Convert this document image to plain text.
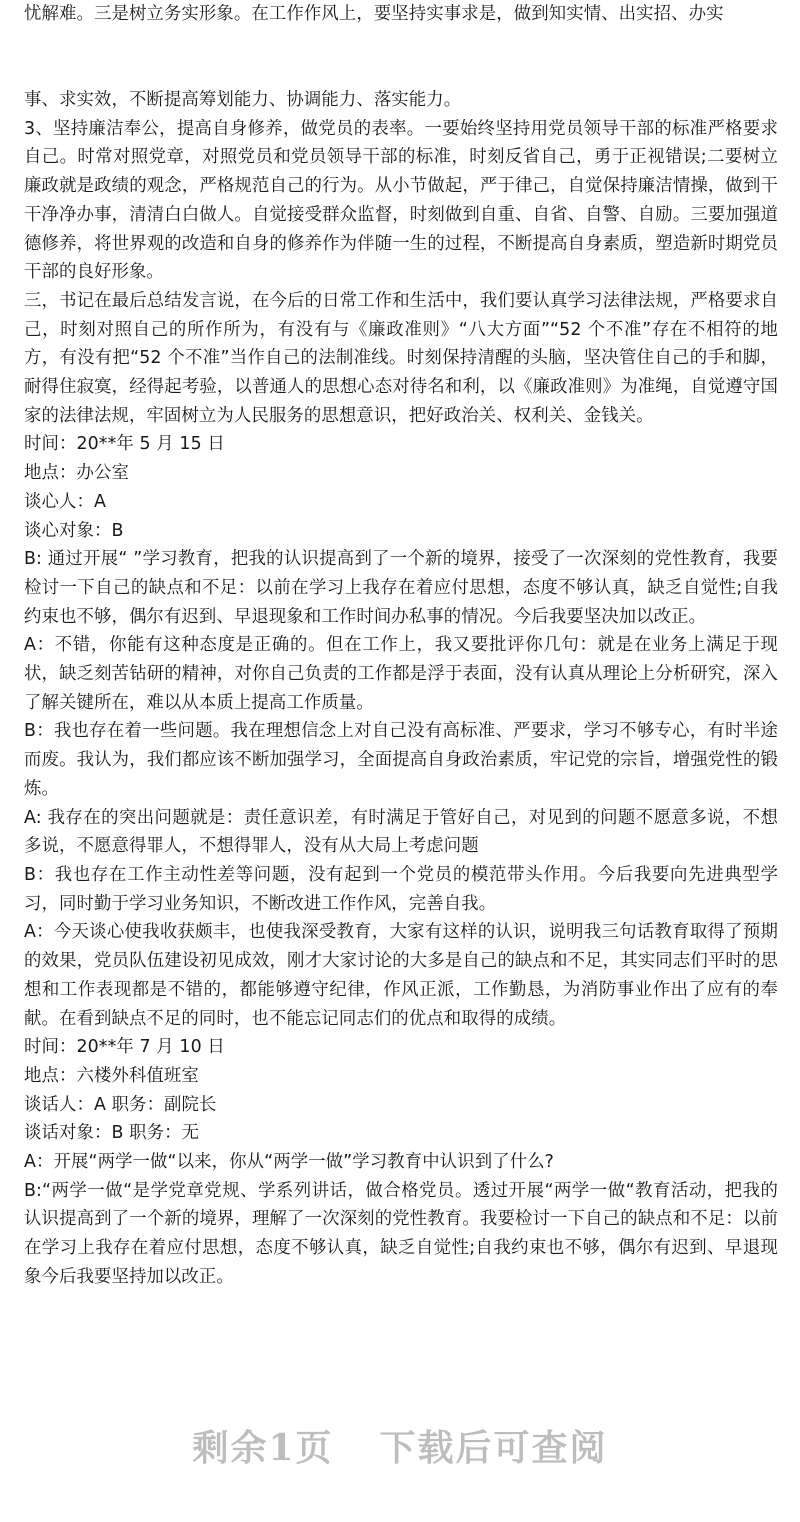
忧解难。三是树立务实形象。在工作作风上，要坚持实事求是，做到知实情、出实招、办实

事、求实效，不断提高筹划能力、协调能力、落实能力。

3、坚持廉洁奉公，提高自身修养，做党员的表率。一要始终坚持用党员领导干部的标准严格要求自己。时常对照党章，对照党员和党员领导干部的标准，时刻反省自己，勇于正视错误;二要树立廉政就是政绩的观念，严格规范自己的行为。从小节做起，严于律己，自觉保持廉洁情操，做到干干净净办事，清清白白做人。自觉接受群众监督，时刻做到自重、自省、自警、自励。三要加强道德修养，将世界观的改造和自身的修养作为伴随一生的过程，不断提高自身素质，塑造新时期党员干部的良好形象。

三，书记在最后总结发言说，在今后的日常工作和生活中，我们要认真学习法律法规，严格要求自己，时刻对照自己的所作所为，有没有与《廉政准则》“八大方面”“52 个不准”存在不相符的地方，有没有把“52 个不准”当作自己的法制准线。时刻保持清醒的头脑，坚决管住自己的手和脚，耐得住寂寞，经得起考验，以普通人的思想心态对待名和利，以《廉政准则》为准绳，自觉遵守国家的法律法规，牢固树立为人民服务的思想意识，把好政治关、权利关、金钱关。

时间：20**年 5 月 15 日

地点：办公室

谈心人：A

谈心对象：B

B: 通过开展“ ”学习教育，把我的认识提高到了一个新的境界，接受了一次深刻的党性教育，我要检讨一下自己的缺点和不足：以前在学习上我存在着应付思想，态度不够认真，缺乏自觉性;自我约束也不够，偶尔有迟到、早退现象和工作时间办私事的情况。今后我要坚决加以改正。

A：不错，你能有这种态度是正确的。但在工作上，我又要批评你几句：就是在业务上满足于现状，缺乏刻苦钻研的精神，对你自己负责的工作都是浮于表面，没有认真从理论上分析研究，深入了解关键所在，难以从本质上提高工作质量。

B：我也存在着一些问题。我在理想信念上对自己没有高标准、严要求，学习不够专心，有时半途而废。我认为，我们都应该不断加强学习，全面提高自身政治素质，牢记党的宗旨，增强党性的锻炼。

A: 我存在的突出问题就是：责任意识差，有时满足于管好自己，对见到的问题不愿意多说，不想多说，不愿意得罪人，不想得罪人，没有从大局上考虑问题

B：我也存在工作主动性差等问题，没有起到一个党员的模范带头作用。今后我要向先进典型学习，同时勤于学习业务知识，不断改进工作作风，完善自我。

A：今天谈心使我收获颇丰，也使我深受教育，大家有这样的认识，说明我三句话教育取得了预期的效果，党员队伍建设初见成效，刚才大家讨论的大多是自己的缺点和不足，其实同志们平时的思想和工作表现都是不错的，都能够遵守纪律，作风正派，工作勤恳，为消防事业作出了应有的奉献。在看到缺点不足的同时，也不能忘记同志们的优点和取得的成绩。

时间：20**年 7 月 10 日

地点：六楼外科值班室

谈话人：A 职务：副院长

谈话对象：B 职务：无

A：开展“两学一做“以来，你从“两学一做”学习教育中认识到了什么?

B:“两学一做“是学党章党规、学系列讲话，做合格党员。透过开展“两学一做“教育活动，把我的认识提高到了一个新的境界，理解了一次深刻的党性教育。我要检讨一下自己的缺点和不足：以前在学习上我存在着应付思想，态度不够认真，缺乏自觉性;自我约束也不够，偶尔有迟到、早退现象今后我要坚持加以改正。

剩余1页 下载后可查阅
